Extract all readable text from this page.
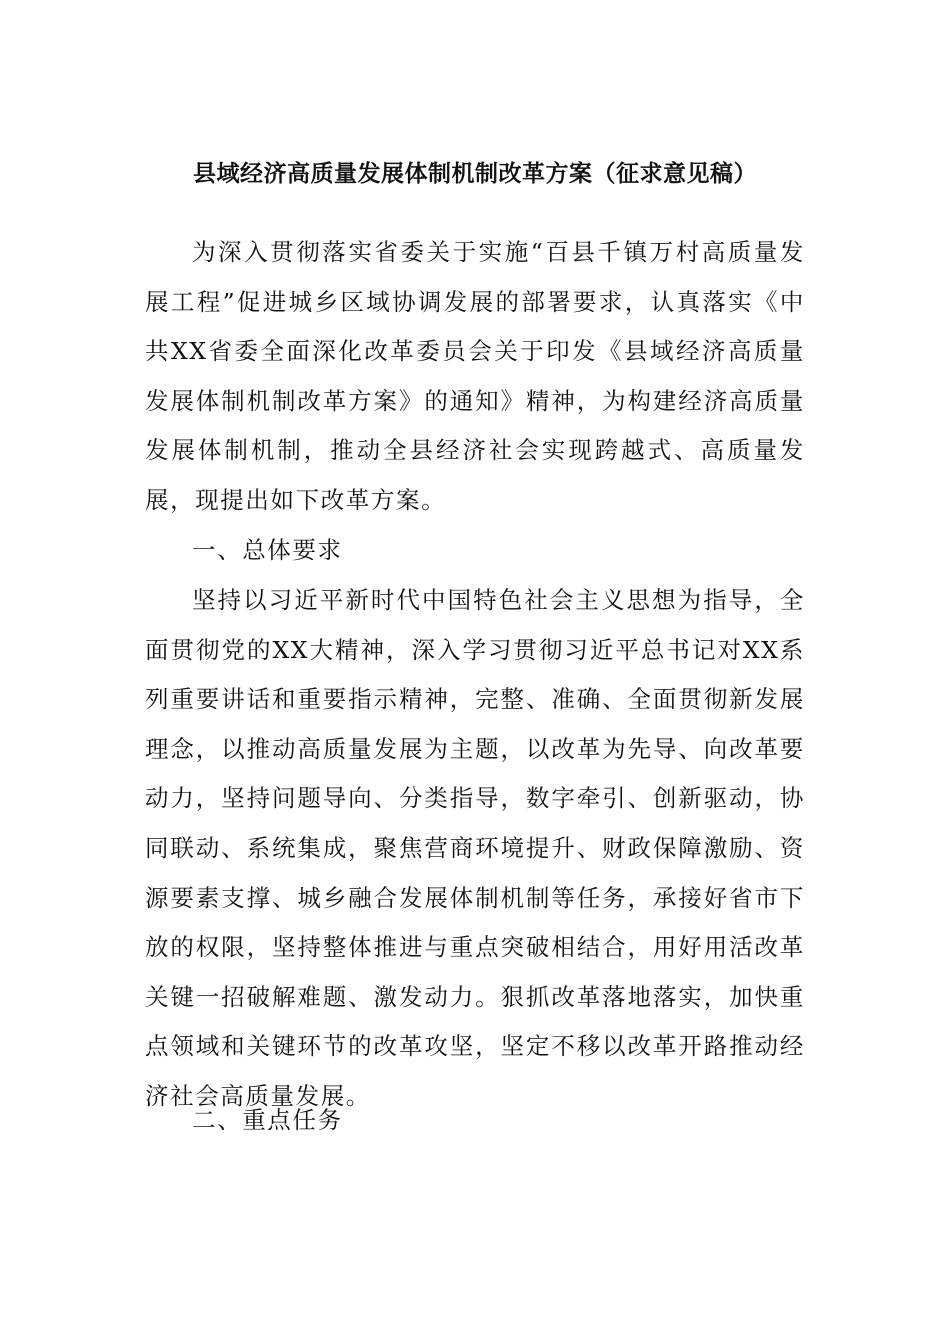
县域经济高质量发展体制机制改革方案（征求意见稿）

为深入贯彻落实省委关于实施“百县千镇万村高质量发展工程”促进城乡区域协调发展的部署要求，认真落实《中共XX省委全面深化改革委员会关于印发《县域经济高质量发展体制机制改革方案》的通知》精神，为构建经济高质量发展体制机制，推动全县经济社会实现跨越式、高质量发展，现提出如下改革方案。

一、总体要求

坚持以习近平新时代中国特色社会主义思想为指导，全面贯彻党的XX大精神，深入学习贯彻习近平总书记对XX系列重要讲话和重要指示精神，完整、准确、全面贯彻新发展理念，以推动高质量发展为主题，以改革为先导、向改革要动力，坚持问题导向、分类指导，数字牵引、创新驱动，协同联动、系统集成，聚焦营商环境提升、财政保障激励、资源要素支撑、城乡融合发展体制机制等任务，承接好省市下放的权限，坚持整体推进与重点突破相结合，用好用活改革关键一招破解难题、激发动力。狠抓改革落地落实，加快重点领域和关键环节的改革攻坚，坚定不移以改革开路推动经济社会高质量发展。

二、重点任务
